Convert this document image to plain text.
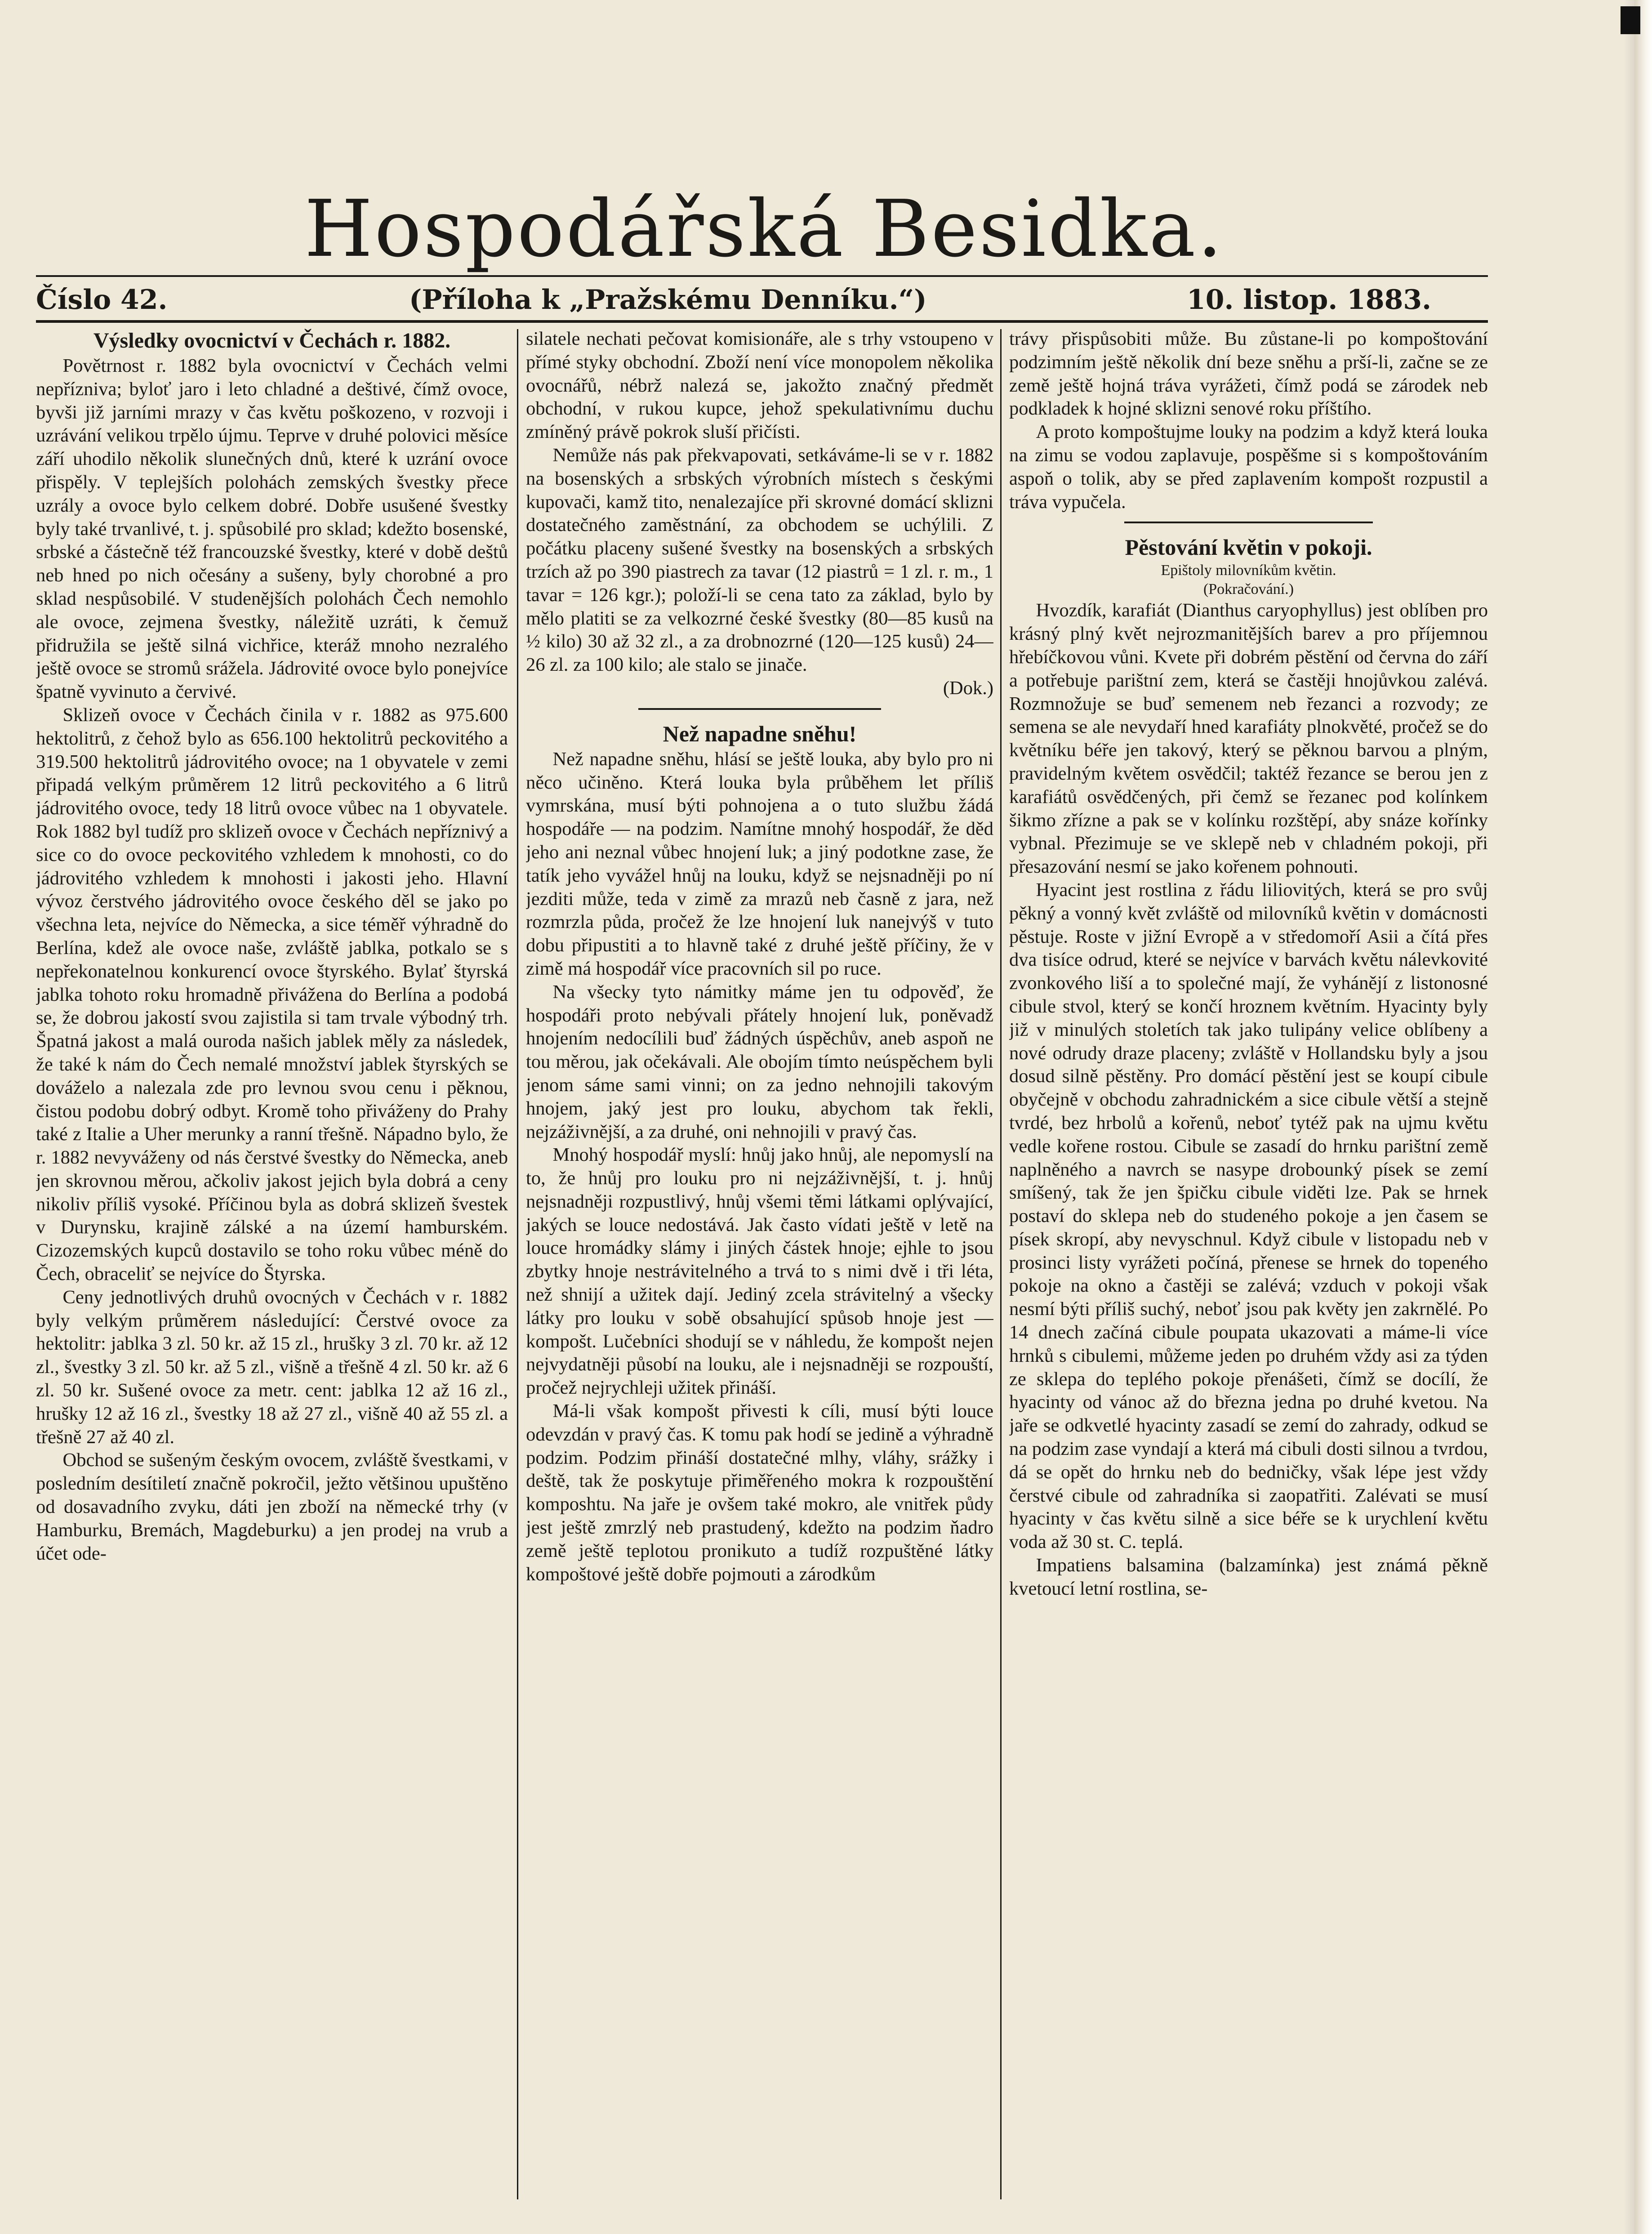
Hospodářská Besidka.
Číslo 42.	(Příloha k „Pražskému Denníku.“)	10. listop. 1883.
Výsledky ovocnictví v Čechách r. 1882.

Povětrnost r. 1882 byla ovocnictví v Čechách velmi nepřízniva; byloť jaro i leto chladné a deštivé, čímž ovoce, byvši již jarními mrazy v čas květu poškozeno, v rozvoji i uzrávání velikou trpělo újmu. Teprve v druhé polovici měsíce září uhodilo několik slunečných dnů, které k uzrání ovoce přispěly. V teplejších polohách zemských švestky přece uzrály a ovoce bylo celkem dobré. Dobře usušené švestky byly také trvanlivé, t. j. spůsobilé pro sklad; kdežto bosenské, srbské a částečně též francouzské švestky, které v době deštů neb hned po nich očesány a sušeny, byly chorobné a pro sklad nespůsobilé. V studenějších polohách Čech nemohlo ale ovoce, zejmena švestky, náležitě uzráti, k čemuž přidružila se ještě silná vichřice, kteráž mnoho nezralého ještě ovoce se stromů srážela. Jádrovité ovoce bylo ponejvíce špatně vyvinuto a červivé.

Sklizeň ovoce v Čechách činila v r. 1882 as 975.600 hektolitrů, z čehož bylo as 656.100 hektolitrů peckovitého a 319.500 hektolitrů jádrovitého ovoce; na 1 obyvatele v zemi připadá velkým průměrem 12 litrů peckovitého a 6 litrů jádrovitého ovoce, tedy 18 litrů ovoce vůbec na 1 obyvatele. Rok 1882 byl tudíž pro sklizeň ovoce v Čechách nepříznivý a sice co do ovoce peckovitého vzhledem k mnohosti, co do jádrovitého vzhledem k mnohosti i jakosti jeho. Hlavní vývoz čerstvého jádrovitého ovoce českého děl se jako po všechna leta, nejvíce do Německa, a sice téměř výhradně do Berlína, kdež ale ovoce naše, zvláště jablka, potkalo se s nepřekonatelnou konkurencí ovoce štyrského. Bylať štyrská jablka tohoto roku hromadně přivážena do Berlína a podobá se, že dobrou jakostí svou zajistila si tam trvale výbodný trh. Špatná jakost a malá ouroda našich jablek měly za následek, že také k nám do Čech nemalé množství jablek štyrských se dováželo a nalezala zde pro levnou svou cenu i pěknou, čistou podobu dobrý odbyt. Kromě toho přiváženy do Prahy také z Italie a Uher merunky a ranní třešně. Nápadno bylo, že r. 1882 nevyváženy od nás čerstvé švestky do Německa, aneb jen skrovnou měrou, ačkoliv jakost jejich byla dobrá a ceny nikoliv příliš vysoké. Příčinou byla as dobrá sklizeň švestek v Durynsku, krajině zálské a na území hamburském. Cizozemských kupců dostavilo se toho roku vůbec méně do Čech, obraceliť se nejvíce do Štyrska.

Ceny jednotlivých druhů ovocných v Čechách v r. 1882 byly velkým průměrem následující: Čerstvé ovoce za hektolitr: jablka 3 zl. 50 kr. až 15 zl., hrušky 3 zl. 70 kr. až 12 zl., švestky 3 zl. 50 kr. až 5 zl., višně a třešně 4 zl. 50 kr. až 6 zl. 50 kr. Sušené ovoce za metr. cent: jablka 12 až 16 zl., hrušky 12 až 16 zl., švestky 18 až 27 zl., višně 40 až 55 zl. a třešně 27 až 40 zl.

Obchod se sušeným českým ovocem, zvláště švestkami, v posledním desítiletí značně pokročil, ježto většinou upuštěno od dosavadního zvyku, dáti jen zboží na německé trhy (v Hamburku, Bremách, Magdeburku) a jen prodej na vrub a účet ode-

silatele nechati pečovat komisionáře, ale s trhy vstoupeno v přímé styky obchodní. Zboží není více monopolem několika ovocnářů, nébrž nalezá se, jakožto značný předmět obchodní, v rukou kupce, jehož spekulativnímu duchu zmíněný právě pokrok sluší přičísti.

Nemůže nás pak překvapovati, setkáváme-li se v r. 1882 na bosenských a srbských výrobních místech s českými kupovači, kamž tito, nenalezajíce při skrovné domácí sklizni dostatečného zaměstnání, za obchodem se uchýlili. Z počátku placeny sušené švestky na bosenských a srbských trzích až po 390 piastrech za tavar (12 piastrů = 1 zl. r. m., 1 tavar = 126 kgr.); položí-li se cena tato za základ, bylo by mělo platiti se za velkozrné české švestky (80—85 kusů na ½ kilo) 30 až 32 zl., a za drobnozrné (120—125 kusů) 24—26 zl. za 100 kilo; ale stalo se jinače.

(Dok.)
Než napadne sněhu!

Než napadne sněhu, hlásí se ještě louka, aby bylo pro ni něco učiněno. Která louka byla průběhem let příliš vymrskána, musí býti pohnojena a o tuto službu žádá hospodáře — na podzim. Namítne mnohý hospodář, že děd jeho ani neznal vůbec hnojení luk; a jiný podotkne zase, že tatík jeho vyvážel hnůj na louku, když se nejsnadněji po ní jezditi může, teda v zimě za mrazů neb časně z jara, než rozmrzla půda, pročež že lze hnojení luk nanejvýš v tuto dobu připustiti a to hlavně také z druhé ještě příčiny, že v zimě má hospodář více pracovních sil po ruce.

Na všecky tyto námitky máme jen tu odpověď, že hospodáři proto nebývali přátely hnojení luk, poněvadž hnojením nedocílili buď žádných úspěchův, aneb aspoň ne tou měrou, jak očekávali. Ale obojím tímto neúspěchem byli jenom sáme sami vinni; on za jedno nehnojili takovým hnojem, jaký jest pro louku, abychom tak řekli, nejzáživnější, a za druhé, oni nehnojili v pravý čas.

Mnohý hospodář myslí: hnůj jako hnůj, ale nepomyslí na to, že hnůj pro louku pro ni nejzáživnější, t. j. hnůj nejsnadněji rozpustlivý, hnůj všemi těmi látkami oplývající, jakých se louce nedostává. Jak často vídati ještě v letě na louce hromádky slámy i jiných částek hnoje; ejhle to jsou zbytky hnoje nestrávitelného a trvá to s nimi dvě i tři léta, než shnijí a užitek dají. Jediný zcela strávitelný a všecky látky pro louku v sobě obsahující spůsob hnoje jest — kompošt. Lučebníci shodují se v náhledu, že kompošt nejen nejvydatněji působí na louku, ale i nejsnadněji se rozpouští, pročež nejrychleji užitek přináší.

Má-li však kompošt přivesti k cíli, musí býti louce odevzdán v pravý čas. K tomu pak hodí se jedině a výhradně podzim. Podzim přináší dostatečné mlhy, vláhy, srážky i deště, tak že poskytuje přiměřeného mokra k rozpouštění komposhtu. Na jaře je ovšem také mokro, ale vnitřek půdy jest ještě zmrzlý neb prastudený, kdežto na podzim ňadro země ještě teplotou pronikuto a tudíž rozpuštěné látky kompoštové ještě dobře pojmouti a zárodkům

trávy přispůsobiti může. Bu zůstane-li po kompoštování podzimním ještě několik dní beze sněhu a prší-li, začne se ze země ještě hojná tráva vyrážeti, čímž podá se zárodek neb podkladek k hojné sklizni senové roku příštího.

A proto kompoštujme louky na podzim a když která louka na zimu se vodou zaplavuje, pospěšme si s kompoštováním aspoň o tolik, aby se před zaplavením kompošt rozpustil a tráva vypučela.

Pěstování květin v pokoji.
Epištoly milovníkům květin.
(Pokračování.)

Hvozdík, karafiát (Dianthus caryophyllus) jest oblíben pro krásný plný květ nejrozmanitějších barev a pro příjemnou hřebíčkovou vůni. Kvete při dobrém pěstění od června do září a potřebuje parištní zem, která se častěji hnojůvkou zalévá. Rozmnožuje se buď semenem neb řezanci a rozvody; ze semena se ale nevydaří hned karafiáty plnokvěté, pročež se do květníku béře jen takový, který se pěknou barvou a plným, pravidelným květem osvědčil; taktéž řezance se berou jen z karafiátů osvědčených, při čemž se řezanec pod kolínkem šikmo zřízne a pak se v kolínku rozštěpí, aby snáze kořínky vybnal. Přezimuje se ve sklepě neb v chladném pokoji, při přesazování nesmí se jako kořenem pohnouti.

Hyacint jest rostlina z řádu liliovitých, která se pro svůj pěkný a vonný květ zvláště od milovníků květin v domácnosti pěstuje. Roste v jižní Evropě a v středomoří Asii a čítá přes dva tisíce odrud, které se nejvíce v barvách květu nálevkovité zvonkového liší a to společné mají, že vyhánějí z listonosné cibule stvol, který se končí hroznem květním. Hyacinty byly již v minulých stoletích tak jako tulipány velice oblíbeny a nové odrudy draze placeny; zvláště v Hollandsku byly a jsou dosud silně pěstěny. Pro domácí pěstění jest se koupí cibule obyčejně v obchodu zahradnickém a sice cibule větší a stejně tvrdé, bez hrbolů a kořenů, neboť tytéž pak na ujmu květu vedle kořene rostou. Cibule se zasadí do hrnku parištní země naplněného a navrch se nasype drobounký písek se zemí smíšený, tak že jen špičku cibule viděti lze. Pak se hrnek postaví do sklepa neb do studeného pokoje a jen časem se písek skropí, aby nevyschnul. Když cibule v listopadu neb v prosinci listy vyrážeti počíná, přenese se hrnek do topeného pokoje na okno a častěji se zalévá; vzduch v pokoji však nesmí býti příliš suchý, neboť jsou pak květy jen zakrnělé. Po 14 dnech začíná cibule poupata ukazovati a máme-li více hrnků s cibulemi, můžeme jeden po druhém vždy asi za týden ze sklepa do teplého pokoje přenášeti, čímž se docílí, že hyacinty od vánoc až do března jedna po druhé kvetou. Na jaře se odkvetlé hyacinty zasadí se zemí do zahrady, odkud se na podzim zase vyndají a která má cibuli dosti silnou a tvrdou, dá se opět do hrnku neb do bedničky, však lépe jest vždy čerstvé cibule od zahradníka si zaopatřiti. Zalévati se musí hyacinty v čas květu silně a sice béře se k urychlení květu voda až 30 st. C. teplá.

Impatiens balsamina (balzamínka) jest známá pěkně kvetoucí letní rostlina, se-
